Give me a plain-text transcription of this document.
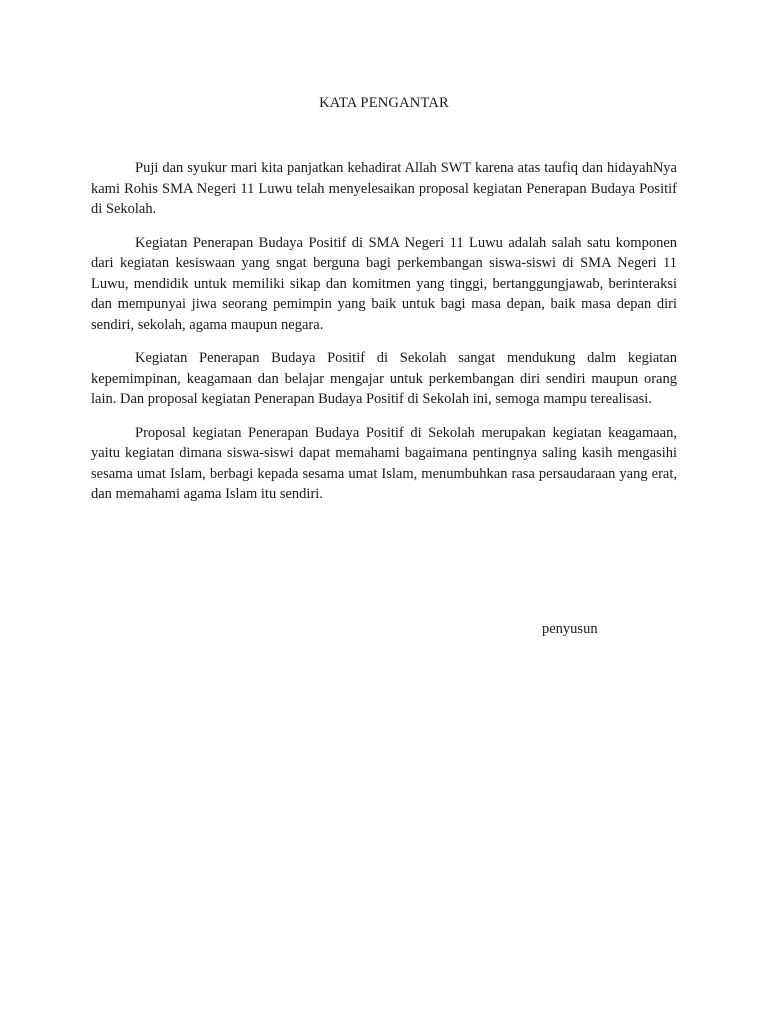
KATA PENGANTAR

Puji dan syukur mari kita panjatkan kehadirat Allah SWT karena atas taufiq dan hidayahNya kami Rohis SMA Negeri 11 Luwu telah menyelesaikan proposal kegiatan Penerapan Budaya Positif di Sekolah.

Kegiatan Penerapan Budaya Positif di SMA Negeri 11 Luwu adalah salah satu komponen dari kegiatan kesiswaan yang sngat berguna bagi perkembangan siswa-siswi di SMA Negeri 11 Luwu, mendidik untuk memiliki sikap dan komitmen yang tinggi, bertanggungjawab, berinteraksi dan mempunyai jiwa seorang pemimpin yang baik untuk bagi masa depan, baik masa depan diri sendiri, sekolah, agama maupun negara.

Kegiatan Penerapan Budaya Positif di Sekolah sangat mendukung dalm kegiatan kepemimpinan, keagamaan dan belajar mengajar untuk perkembangan diri sendiri maupun orang lain. Dan proposal kegiatan Penerapan Budaya Positif di Sekolah ini, semoga mampu terealisasi.

Proposal kegiatan Penerapan Budaya Positif di Sekolah merupakan kegiatan keagamaan, yaitu kegiatan dimana siswa-siswi dapat memahami bagaimana pentingnya saling kasih mengasihi sesama umat Islam, berbagi kepada sesama umat Islam, menumbuhkan rasa persaudaraan yang erat, dan memahami agama Islam itu sendiri.

penyusun
